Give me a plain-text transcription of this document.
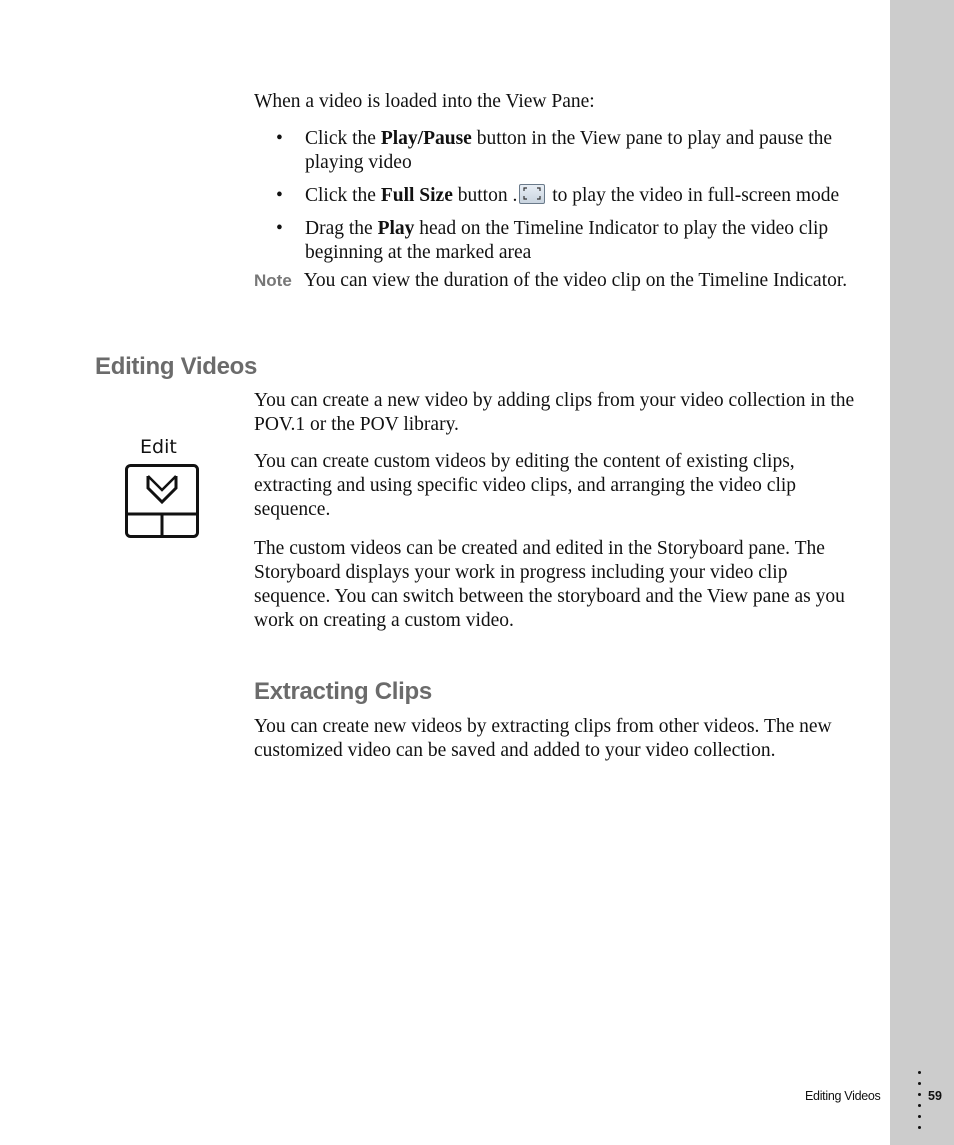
When a video is loaded into the View Pane:
• Click the Play/Pause button in the View pane to play and pause the playing video
• Click the Full Size button .
to play the video in full-screen mode
• Drag the Play head on the Timeline Indicator to play the video clip beginning at the marked area
Note You can view the duration of the video clip on the Timeline Indicator.
Editing Videos
Edit

You can create a new video by adding clips from your video collection in the POV.1 or the POV library.

You can create custom videos by editing the content of existing clips, extracting and using specific video clips, and arranging the video clip sequence.

The custom videos can be created and edited in the Storyboard pane. The Storyboard displays your work in progress including your video clip sequence. You can switch between the storyboard and the View pane as you work on creating a custom video.

Extracting Clips

You can create new videos by extracting clips from other videos. The new customized video can be saved and added to your video collection.

Editing Videos	59
